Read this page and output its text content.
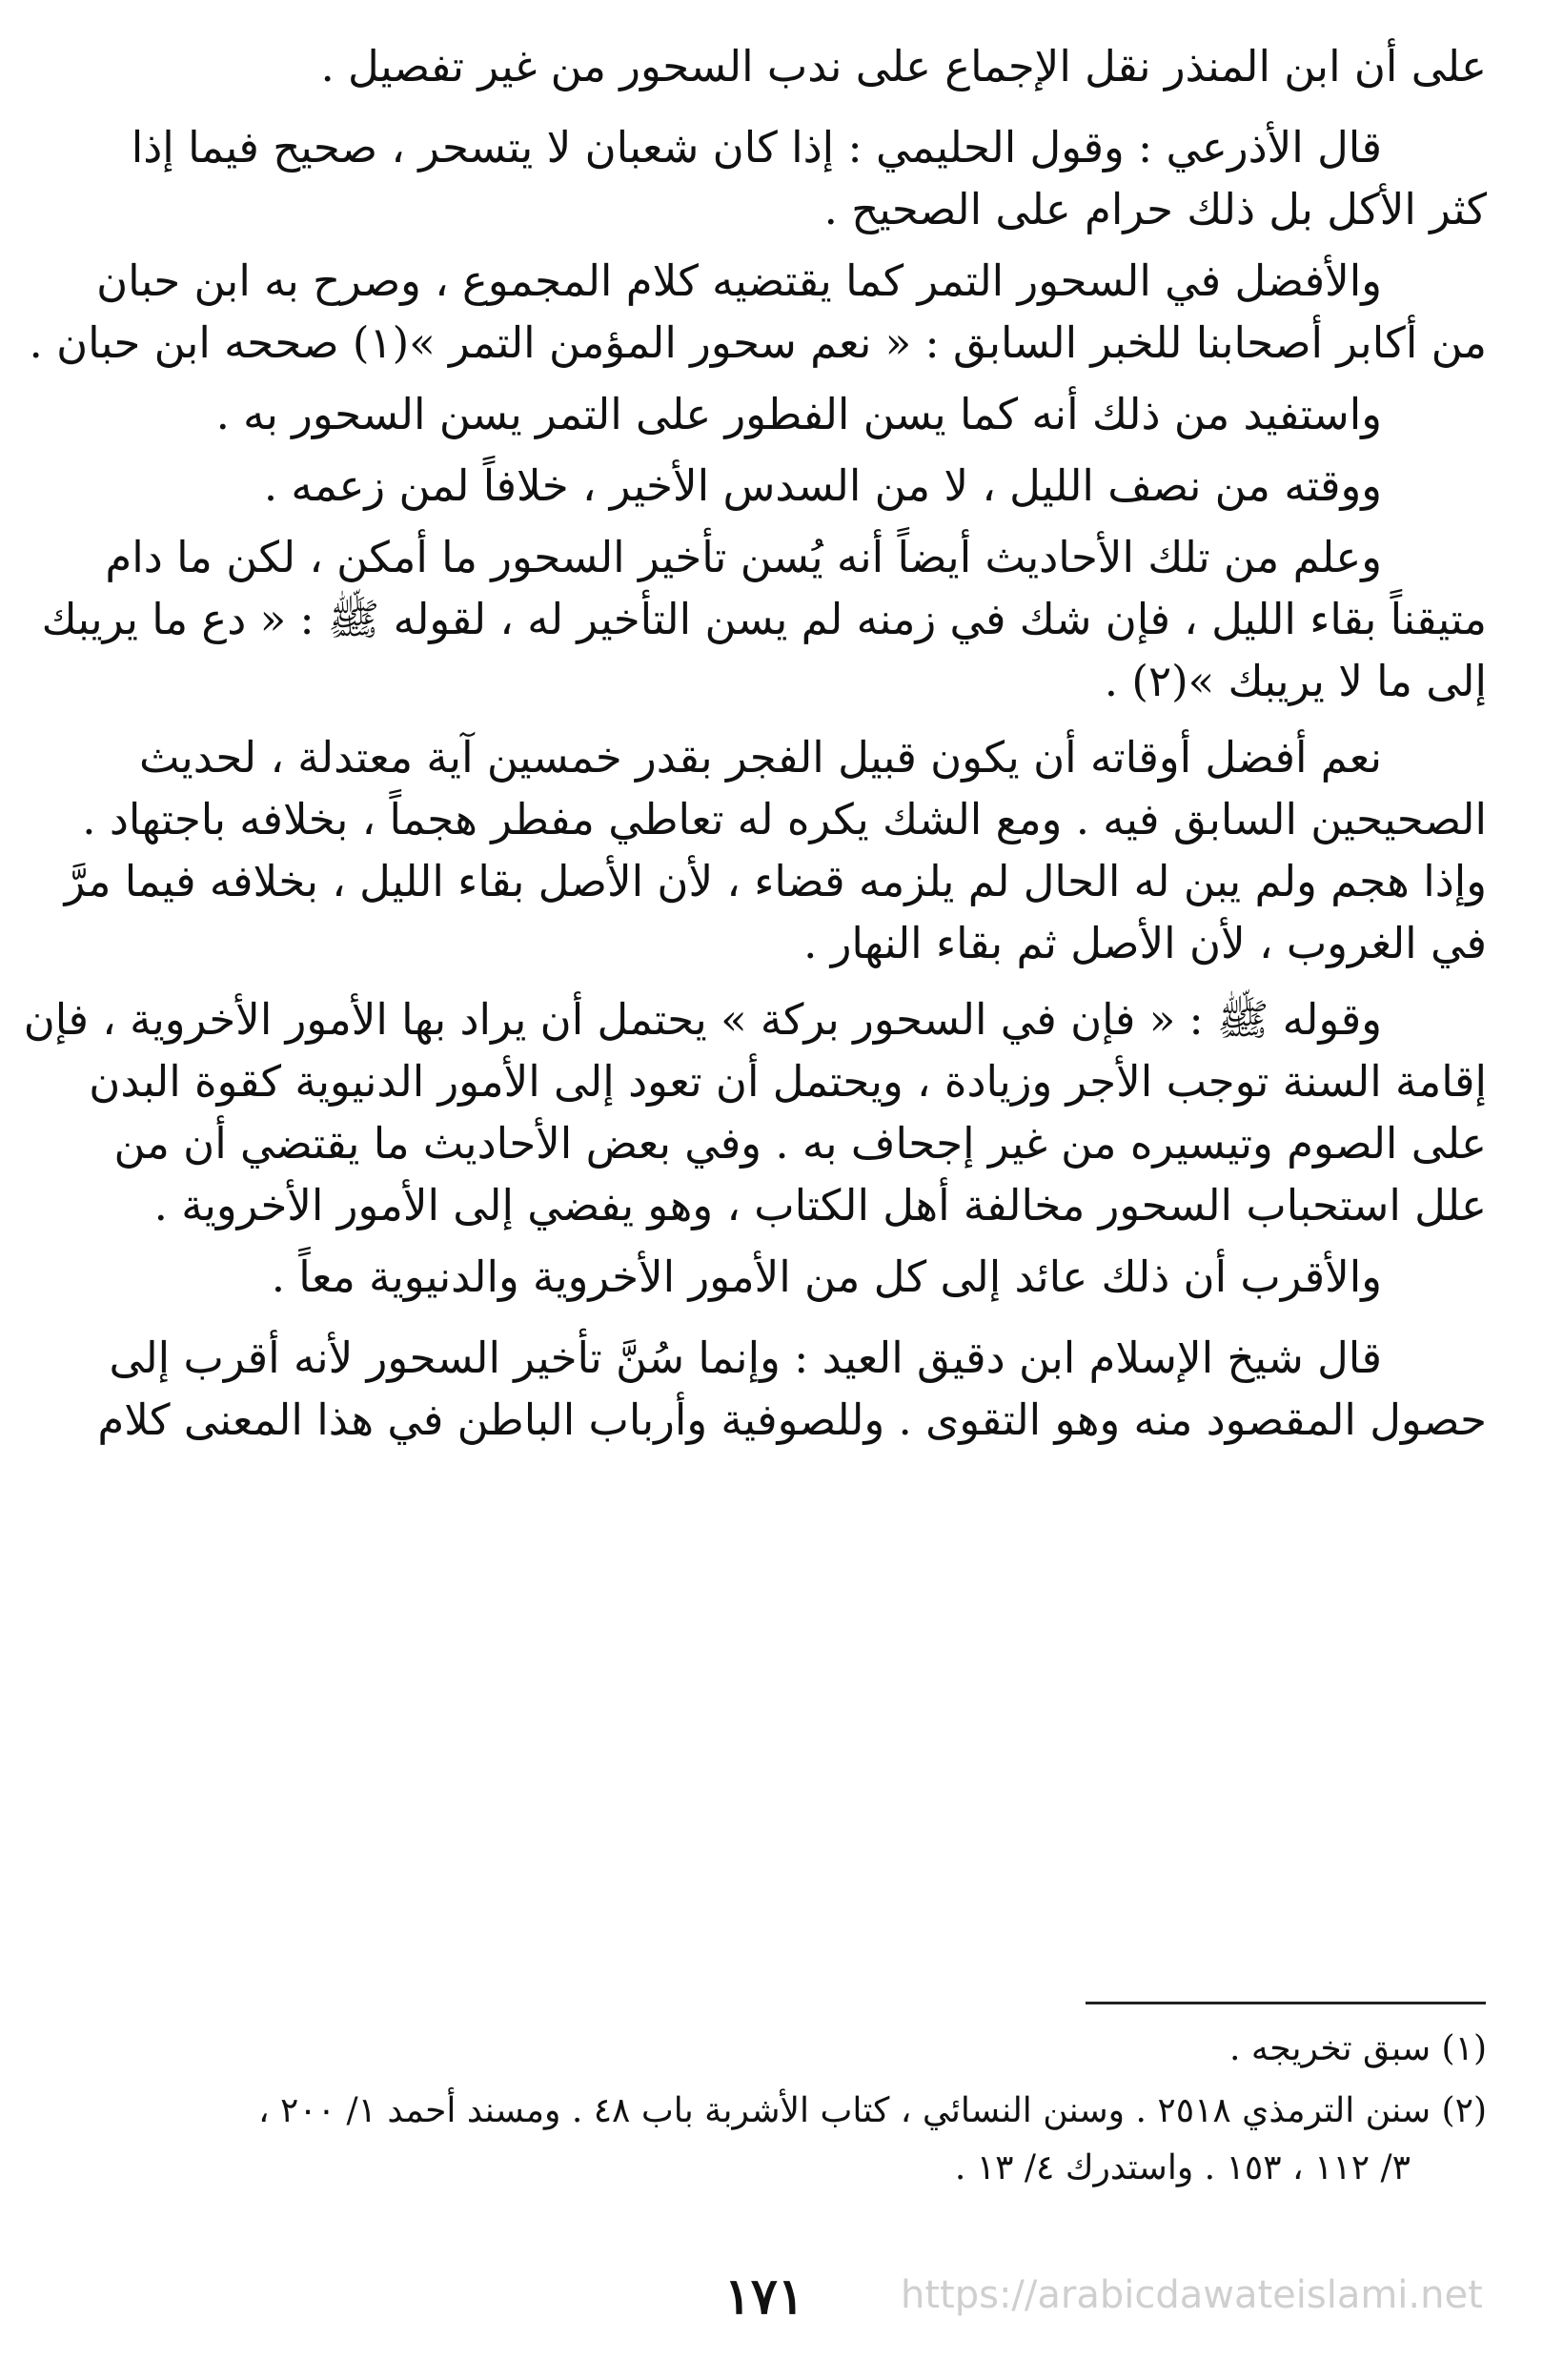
على أن ابن المنذر نقل الإجماع على ندب السحور من غير تفصيل .
قال الأذرعي : وقول الحليمي : إذا كان شعبان لا يتسحر ، صحيح فيما إذا
كثر الأكل بل ذلك حرام على الصحيح .
والأفضل في السحور التمر كما يقتضيه كلام المجموع ، وصرح به ابن حبان
من أكابر أصحابنا للخبر السابق : « نعم سحور المؤمن التمر »(١) صححه ابن حبان .
واستفيد من ذلك أنه كما يسن الفطور على التمر يسن السحور به .
ووقته من نصف الليل ، لا من السدس الأخير ، خلافاً لمن زعمه .
وعلم من تلك الأحاديث أيضاً أنه يُسن تأخير السحور ما أمكن ، لكن ما دام
متيقناً بقاء الليل ، فإن شك في زمنه لم يسن التأخير له ، لقوله ﷺ : « دع ما يريبك
إلى ما لا يريبك »(٢) .
نعم أفضل أوقاته أن يكون قبيل الفجر بقدر خمسين آية معتدلة ، لحديث
الصحيحين السابق فيه . ومع الشك يكره له تعاطي مفطر هجماً ، بخلافه باجتهاد .
وإذا هجم ولم يبن له الحال لم يلزمه قضاء ، لأن الأصل بقاء الليل ، بخلافه فيما مرَّ
في الغروب ، لأن الأصل ثم بقاء النهار .
وقوله ﷺ : « فإن في السحور بركة » يحتمل أن يراد بها الأمور الأخروية ، فإن
إقامة السنة توجب الأجر وزيادة ، ويحتمل أن تعود إلى الأمور الدنيوية كقوة البدن
على الصوم وتيسيره من غير إجحاف به . وفي بعض الأحاديث ما يقتضي أن من
علل استحباب السحور مخالفة أهل الكتاب ، وهو يفضي إلى الأمور الأخروية .
والأقرب أن ذلك عائد إلى كل من الأمور الأخروية والدنيوية معاً .
قال شيخ الإسلام ابن دقيق العيد : وإنما سُنَّ تأخير السحور لأنه أقرب إلى
حصول المقصود منه وهو التقوى . وللصوفية وأرباب الباطن في هذا المعنى كلام
(١) سبق تخريجه .
(٢) سنن الترمذي ٢٥١٨ . وسنن النسائي ، كتاب الأشربة باب ٤٨ . ومسند أحمد ١/ ٢٠٠ ،
٣/ ١١٢ ، ١٥٣ . واستدرك ٤/ ١٣ .
١٧١	https://arabicdawateislami.net
